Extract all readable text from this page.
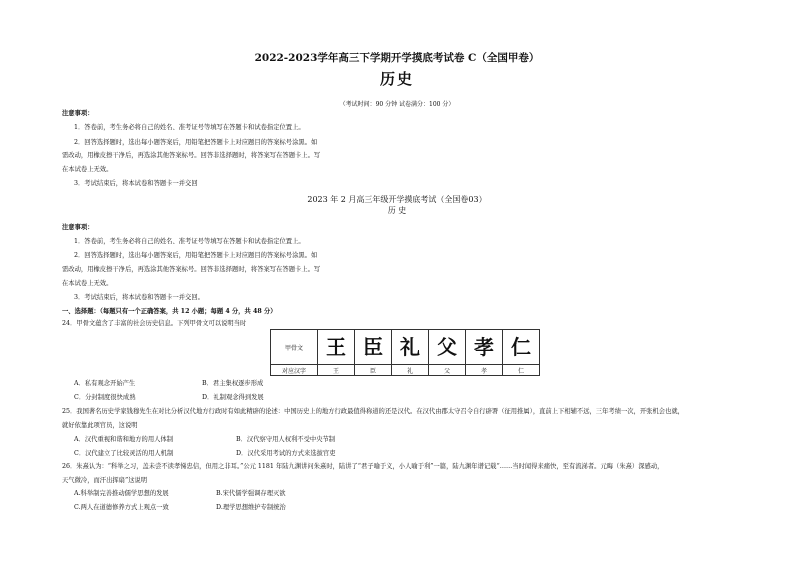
2022-2023学年高三下学期开学摸底考试卷 C（全国甲卷）
历史
（考试时间：90 分钟 试卷满分：100 分）
注意事项：
1．答卷前，考生务必将自己的姓名、准考证号等填写在答题卡和试卷指定位置上。
2．回答选择题时，选出每小题答案后，用铅笔把答题卡上对应题目的答案标号涂黑。如
需改动，用橡皮擦干净后，再选涂其他答案标号。回答非选择题时，将答案写在答题卡上。写
在本试卷上无效。
3．考试结束后，将本试卷和答题卡一并交回
2023 年 2 月高三年级开学摸底考试（全国卷03）
历 史
注意事项：
1．答卷前，考生务必将自己的姓名、准考证号等填写在答题卡和试卷指定位置上。
2．回答选择题时，选出每小题答案后，用铅笔把答题卡上对应题目的答案标号涂黑。如
需改动，用橡皮擦干净后，再选涂其他答案标号。回答非选择题时，将答案写在答题卡上。写
在本试卷上无效。
3．考试结束后，将本试卷和答题卡一并交回。
一、选择题：（每题只有一个正确答案，共 12 小题；每题 4 分，共 48 分）
24．甲骨文蕴含了丰富的社会历史信息。下列甲骨文可以说明当时
甲骨文	王	臣	礼	父	孝	仁
对应汉字	王	臣	礼	父	孝	仁
A．私有观念开始产生	B．君主集权逐步形成
C．分封制度很快成熟	D．礼制观念得到发展
25．我国著名历史学家钱穆先生在对比分析汉代地方行政时有如此精辟的论述：中国历史上的地方行政最值得称道的还是汉代。在汉代由郡太守召令自行辟署（征用推属），直前上下相辅不远，三年考绩一次，开张机会也就，
就好依靠此项官员，这说明
A．汉代重视和谐和地方的用人体制	B．汉代察守用人权利不受中央节制
C．汉代建立了比较灵活的用人机制	D．汉代采用考试的方式来选拔官吏
26．朱熹认为：“科举之习，盖未尝不读孝悌忠信，但用之非耳。”公元 1181 年陆九渊讲问朱熹时，陆讲了“君子喻于义，小人喻于利”一篇，陆九渊年谱记载“……当时闻得来痛快，至有流涕者。元晦（朱熹）深感动，
天气微冷，而汗出挥扇”这说明
A.科举制完善推动儒学思想的发展	B.宋代儒学强调存理灭欲
C.两人在道德修养方式上观点一致	D.理学思想维护专制统治
